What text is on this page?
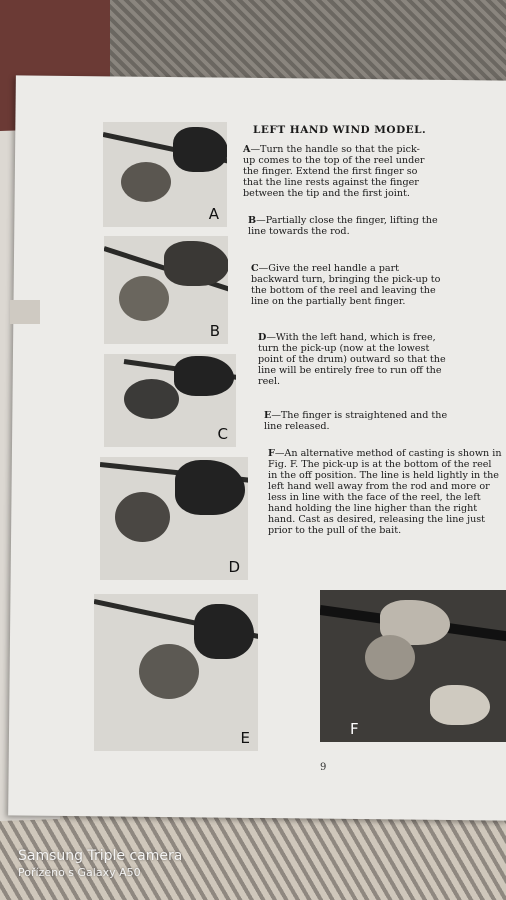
A
B
C
D
E	F
LEFT HAND WIND MODEL.
A—Turn the handle so that the pick-up comes to the top of the reel under the finger. Extend the first finger so that the line rests against the finger between the tip and the first joint.
B—Partially close the finger, lifting the line towards the rod.
C—Give the reel handle a part backward turn, bringing the pick-up to the bottom of the reel and leaving the line on the partially bent finger.
D—With the left hand, which is free, turn the pick-up (now at the lowest point of the drum) outward so that the line will be entirely free to run off the reel.
E—The finger is straightened and the line released.
F—An alternative method of casting is shown in Fig. F. The pick-up is at the bottom of the reel in the off position. The line is held lightly in the left hand well away from the rod and more or less in line with the face of the reel, the left hand holding the line higher than the right hand. Cast as desired, releasing the line just prior to the pull of the bait.
9
Samsung Triple camera
Pořízeno s Galaxy A50
